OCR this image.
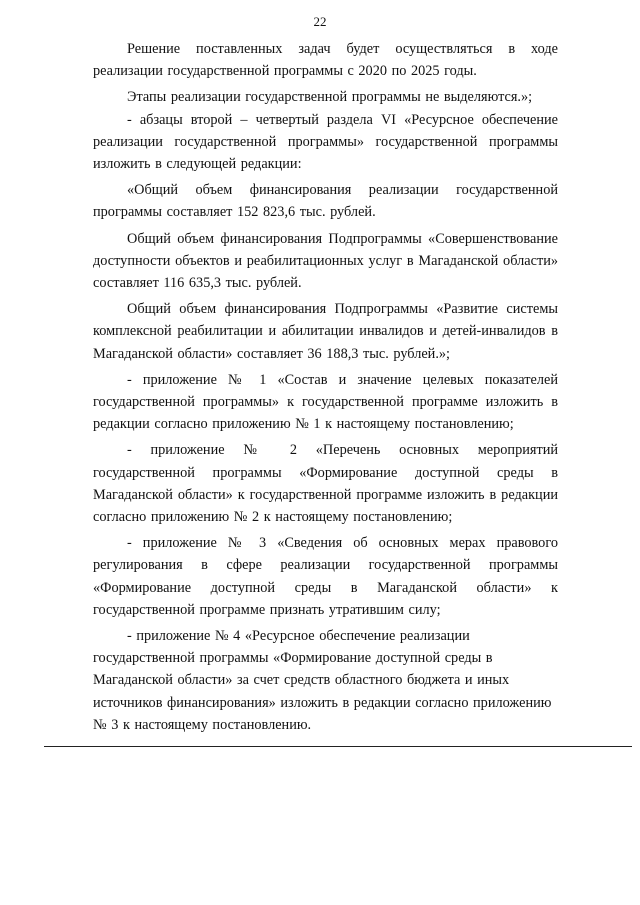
22

Решение поставленных задач будет осуществляться в ходе реализации государственной программы с 2020 по 2025 годы.

Этапы реализации государственной программы не выделяются.»;

- абзацы второй – четвертый раздела VI «Ресурсное обеспечение реализации государственной программы» государственной программы изложить в следующей редакции:

«Общий объем финансирования реализации государственной программы составляет 152 823,6 тыс. рублей.

Общий объем финансирования Подпрограммы «Совершенствование доступности объектов и реабилитационных услуг в Магаданской области» составляет 116 635,3 тыс. рублей.

Общий объем финансирования Подпрограммы «Развитие системы комплексной реабилитации и абилитации инвалидов и детей-инвалидов в Магаданской области» составляет 36 188,3 тыс. рублей.»;

- приложение № 1 «Состав и значение целевых показателей государственной программы» к государственной программе изложить в редакции согласно приложению № 1 к настоящему постановлению;

- приложение № 2 «Перечень основных мероприятий государственной программы «Формирование доступной среды в Магаданской области» к государственной программе изложить в редакции согласно приложению № 2 к настоящему постановлению;

- приложение № 3 «Сведения об основных мерах правового регулирования в сфере реализации государственной программы «Формирование доступной среды в Магаданской области» к государственной программе признать утратившим силу;

- приложение № 4 «Ресурсное обеспечение реализации государственной программы «Формирование доступной среды в Магаданской области» за счет средств областного бюджета и иных источников финансирования» изложить в редакции согласно приложению № 3 к настоящему постановлению.
